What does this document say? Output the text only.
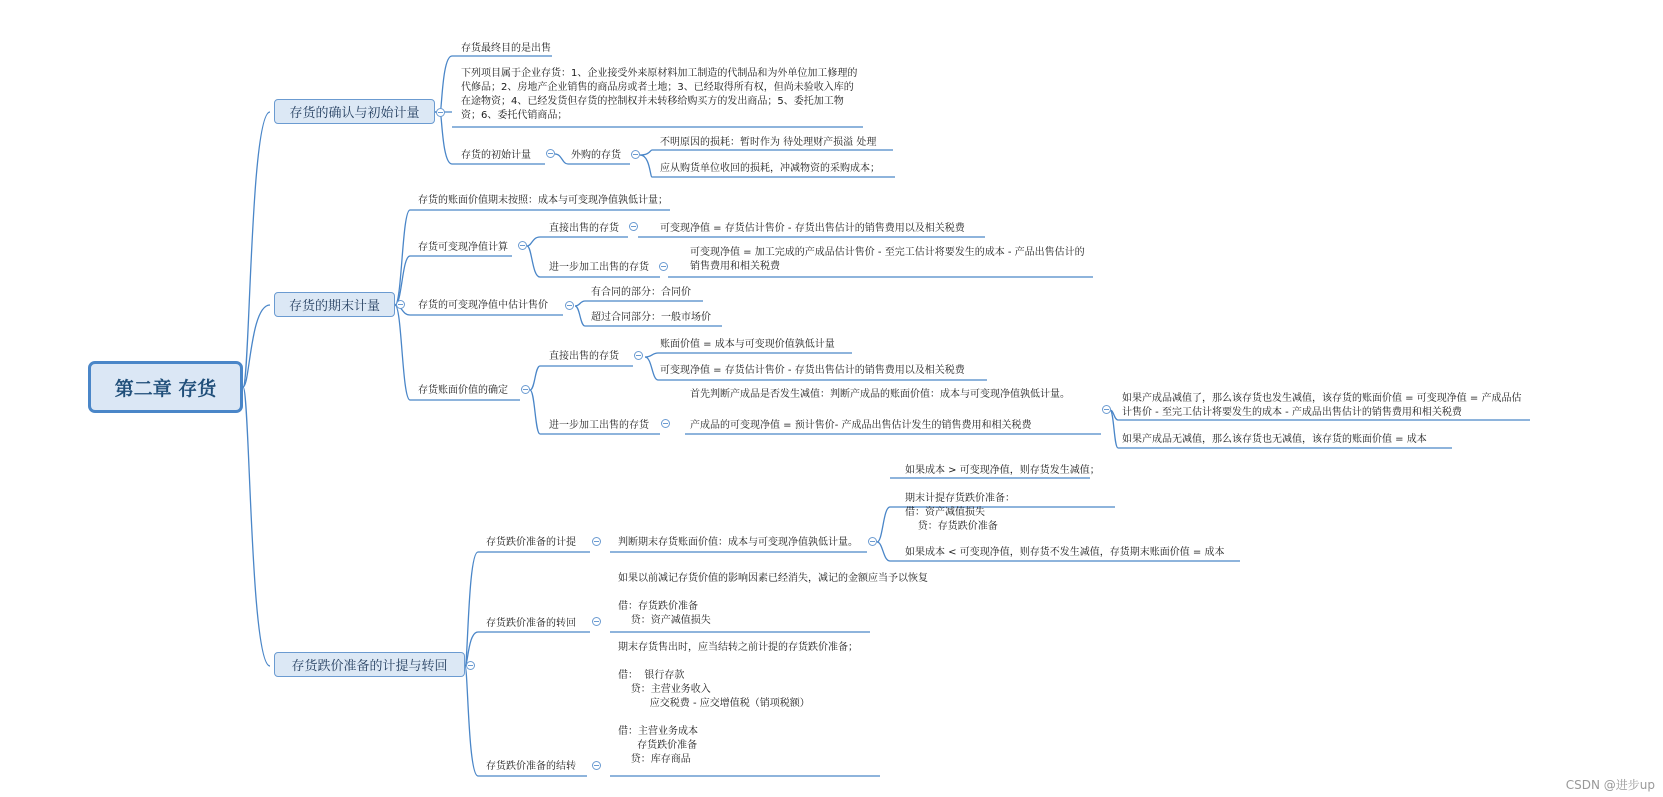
第二章 存货
存货的确认与初始计量
存货最终目的是出售
下列项目属于企业存货：1、企业接受外来原材料加工制造的代制品和为外单位加工修理的代修品；2、房地产企业销售的商品房或者土地；3、已经取得所有权，但尚未验收入库的在途物资；4、已经发货但存货的控制权并未转移给购买方的发出商品；5、委托加工物资；6、委托代销商品；
存货的初始计量	外购的存货
不明原因的损耗：暂时作为 待处理财产损溢 处理
应从购货单位收回的损耗，冲减物资的采购成本；
存货的期末计量
存货的账面价值期末按照：成本与可变现净值孰低计量；
存货可变现净值计算
直接出售的存货	可变现净值 = 存货估计售价 - 存货出售估计的销售费用以及相关税费
进一步加工出售的存货
可变现净值 = 加工完成的产成品估计售价 - 至完工估计将要发生的成本 - 产品出售估计的销售费用和相关税费
存货的可变现净值中估计售价
有合同的部分：合同价
超过合同部分：一般市场价
存货账面价值的确定
直接出售的存货
账面价值 = 成本与可变现价值孰低计量
可变现净值 = 存货估计售价 - 存货出售估计的销售费用以及相关税费
进一步加工出售的存货
首先判断产成品是否发生减值：判断产成品的账面价值：成本与可变现净值孰低计量。
产成品的可变现净值 = 预计售价- 产成品出售估计发生的销售费用和相关税费
如果产成品减值了，那么该存货也发生减值，该存货的账面价值 = 可变现净值 = 产成品估计售价 - 至完工估计将要发生的成本 - 产成品出售估计的销售费用和相关税费
如果产成品无减值，那么该存货也无减值，该存货的账面价值 = 成本
存货跌价准备的计提与转回
存货跌价准备的计提	判断期末存货账面价值：成本与可变现净值孰低计量。
如果成本 > 可变现净值，则存货发生减值；
期末计提存货跌价准备：
借：资产减值损失
贷：存货跌价准备
如果成本 < 可变现净值，则存货不发生减值，存货期末账面价值 = 成本
存货跌价准备的转回
如果以前减记存货价值的影响因素已经消失，减记的金额应当予以恢复

借：存货跌价准备
贷：资产减值损失
存货跌价准备的结转
期末存货售出时，应当结转之前计提的存货跌价准备；

借：  银行存款
贷：主营业务收入
应交税费 - 应交增值税（销项税额）

借：主营业务成本
存货跌价准备
贷：库存商品
CSDN @进步up
